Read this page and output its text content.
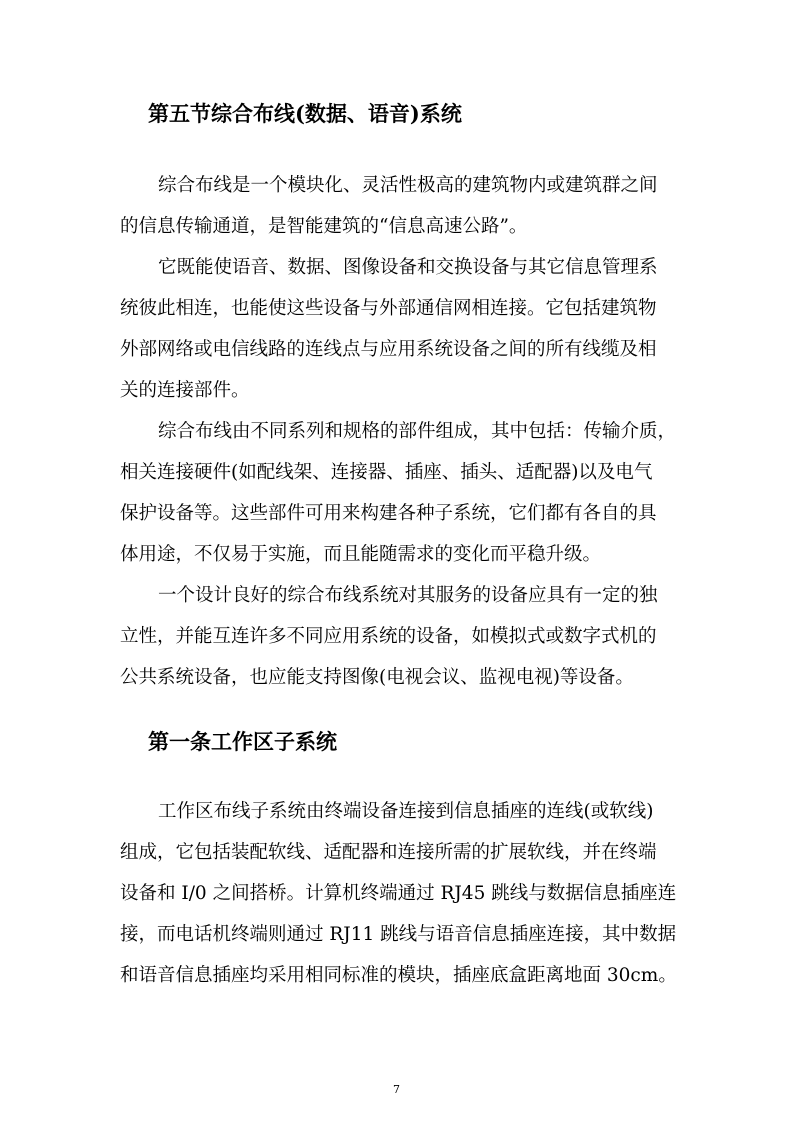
第五节综合布线(数据、语音)系统
综合布线是一个模块化、灵活性极高的建筑物内或建筑群之间
的信息传输通道，是智能建筑的“信息高速公路”。
它既能使语音、数据、图像设备和交换设备与其它信息管理系
统彼此相连，也能使这些设备与外部通信网相连接。它包括建筑物
外部网络或电信线路的连线点与应用系统设备之间的所有线缆及相
关的连接部件。
综合布线由不同系列和规格的部件组成，其中包括：传输介质，
相关连接硬件(如配线架、连接器、插座、插头、适配器)以及电气
保护设备等。这些部件可用来构建各种子系统，它们都有各自的具
体用途，不仅易于实施，而且能随需求的变化而平稳升级。
一个设计良好的综合布线系统对其服务的设备应具有一定的独
立性，并能互连许多不同应用系统的设备，如模拟式或数字式机的
公共系统设备，也应能支持图像(电视会议、监视电视)等设备。
第一条工作区子系统
工作区布线子系统由终端设备连接到信息插座的连线(或软线)
组成，它包括装配软线、适配器和连接所需的扩展软线，并在终端
设备和 I/0 之间搭桥。计算机终端通过 RJ45 跳线与数据信息插座连
接，而电话机终端则通过 RJ11 跳线与语音信息插座连接，其中数据
和语音信息插座均采用相同标准的模块，插座底盒距离地面 30cm。
7
